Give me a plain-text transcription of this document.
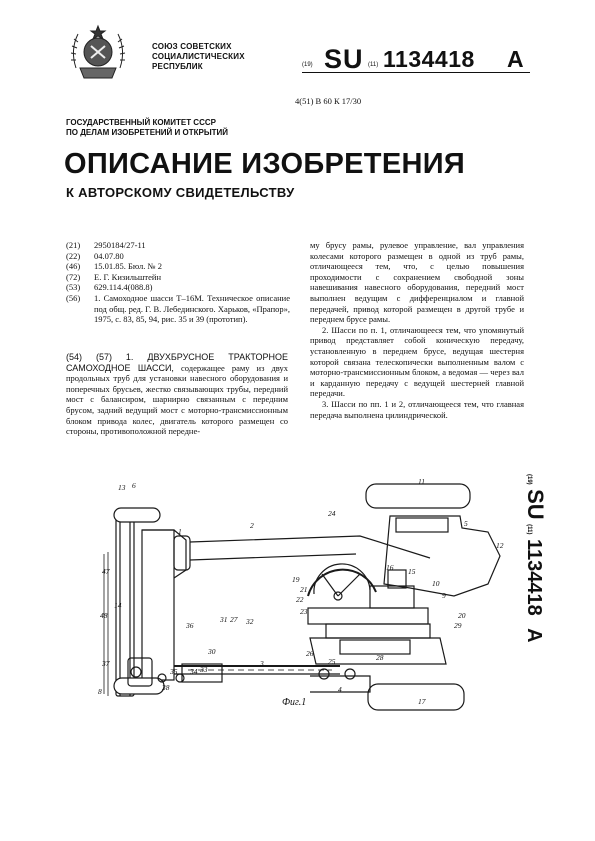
СОЮЗ СОВЕТСКИХ
СОЦИАЛИСТИЧЕСКИХ
РЕСПУБЛИК	(19) SU (11) 1134418 A
4(51) В 60 К 17/30
ГОСУДАРСТВЕННЫЙ КОМИТЕТ СССР
ПО ДЕЛАМ ИЗОБРЕТЕНИЙ И ОТКРЫТИЙ
ОПИСАНИЕ ИЗОБРЕТЕНИЯ
К АВТОРСКОМУ СВИДЕТЕЛЬСТВУ
(21)	2950184/27-11
(22)	04.07.80
(46)	15.01.85. Бюл. № 2
(72)	Е. Г. Кизильштейн
(53)	629.114.4(088.8)
(56)	1. Самоходное шасси Т–16М. Техническое описание под общ. ред. Г. В. Лебединского. Харьков, «Прапор», 1975, с. 83, 85, 94, рис. 35 и 39 (прототип).
(54) (57) 1. ДВУХБРУСНОЕ ТРАКТОРНОЕ САМОХОДНОЕ ШАССИ, содержащее раму из двух продольных труб для установки навесного оборудования и поперечных брусьев, жестко связывающих трубы, передний мост с балансиром, шарнирно связанным с передним брусом, задний ведущий мост с моторно-трансмиссионным блоком привода колес, двигатель которого размещен со стороны, противоположной передне-

му брусу рамы, рулевое управление, вал управления колесами которого размещен в одной из труб рамы, отличающееся тем, что, с целью повышения проходимости с сохранением свободной зоны навешивания навесного оборудования, передний мост выполнен ведущим с дифференциалом и главной передачей, привод которой размещен в другой трубе и переднем брусе рамы.

2. Шасси по п. 1, отличающееся тем, что упомянутый привод представляет собой коническую передачу, установленную в переднем брусе, ведущая шестерня которой связана телескопически выполненным валом с моторно-трансмиссионным блоком, а ведомая — через вал и карданную передачу с ведущей шестерней главной передачи.

3. Шасси по пп. 1 и 2, отличающееся тем, что главная передача выполнена цилиндрической.

(19) SU (11) 1134418 A
13 6
1
2
11
5
12
24
19
16 15
10
9
22
21
23	20
29
28
25
26
27
31 32
33
30
34
36
37
38
3
4
47
14
35
48
8
17
Фиг.1
